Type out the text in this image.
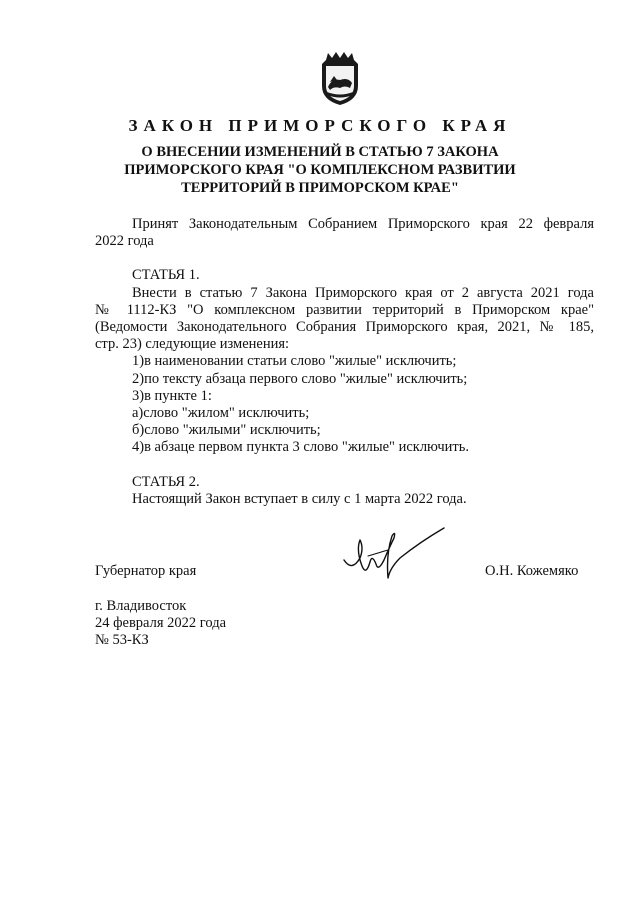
ЗАКОН ПРИМОРСКОГО КРАЯ
О ВНЕСЕНИИ ИЗМЕНЕНИЙ В СТАТЬЮ 7 ЗАКОНА
ПРИМОРСКОГО КРАЯ "О КОМПЛЕКСНОМ РАЗВИТИИ
ТЕРРИТОРИЙ В ПРИМОРСКОМ КРАЕ"
Принят Законодательным Собранием Приморского края 22 февраля
2022 года
СТАТЬЯ 1.
Внести в статью 7 Закона Приморского края от 2 августа 2021 года
№ 1112-КЗ "О комплексном развитии территорий в Приморском крае"
(Ведомости Законодательного Собрания Приморского края, 2021, № 185,
стр. 23) следующие изменения:
1)в наименовании статьи слово "жилые" исключить;
2)по тексту абзаца первого слово "жилые" исключить;
3)в пункте 1:
а)слово "жилом" исключить;
б)слово "жилыми" исключить;
4)в абзаце первом пункта 3 слово "жилые" исключить.
СТАТЬЯ 2.
Настоящий Закон вступает в силу с 1 марта 2022 года.
Губернатор края	О.Н. Кожемяко
г. Владивосток
24 февраля 2022 года
№ 53-КЗ
